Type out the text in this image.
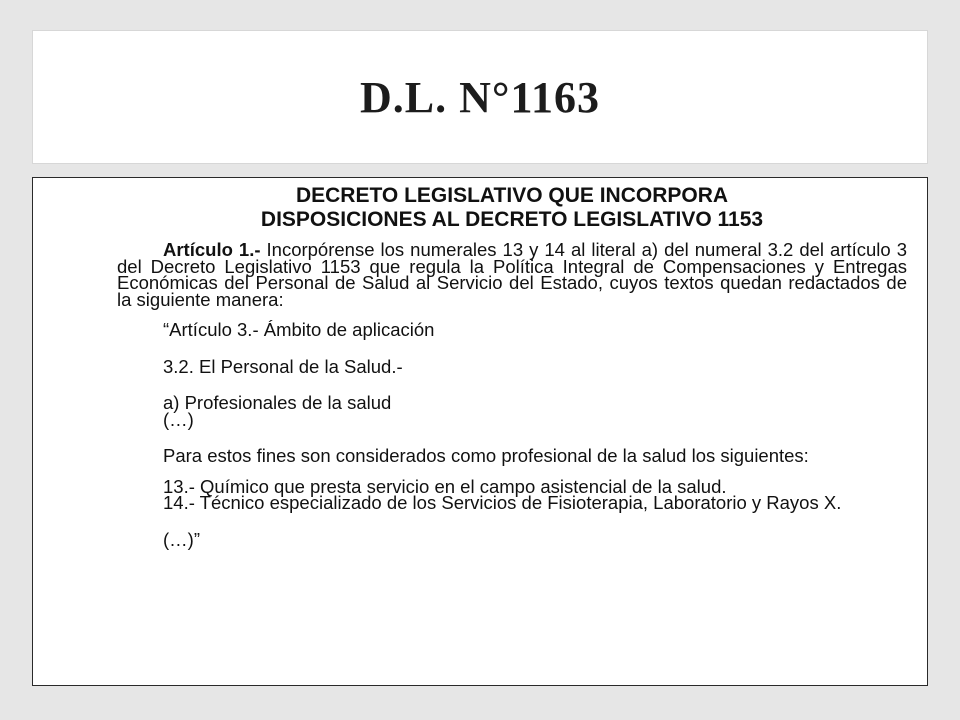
D.L. N°1163
DECRETO LEGISLATIVO QUE INCORPORA
DISPOSICIONES AL DECRETO LEGISLATIVO 1153

Artículo 1.- Incorpórense los numerales 13 y 14 al literal a) del numeral 3.2 del artículo 3 del Decreto Legislativo 1153 que regula la Política Integral de Compensaciones y Entregas Económicas del Personal de Salud al Servicio del Estado, cuyos textos quedan redactados de la siguiente manera:

“Artículo 3.- Ámbito de aplicación

3.2. El Personal de la Salud.-

a) Profesionales de la salud

(…)

Para estos fines son considerados como profesional de la salud los siguientes:

13.- Químico que presta servicio en el campo asistencial de la salud.

14.- Técnico especializado de los Servicios de Fisioterapia, Laboratorio y Rayos X.

(…)”
